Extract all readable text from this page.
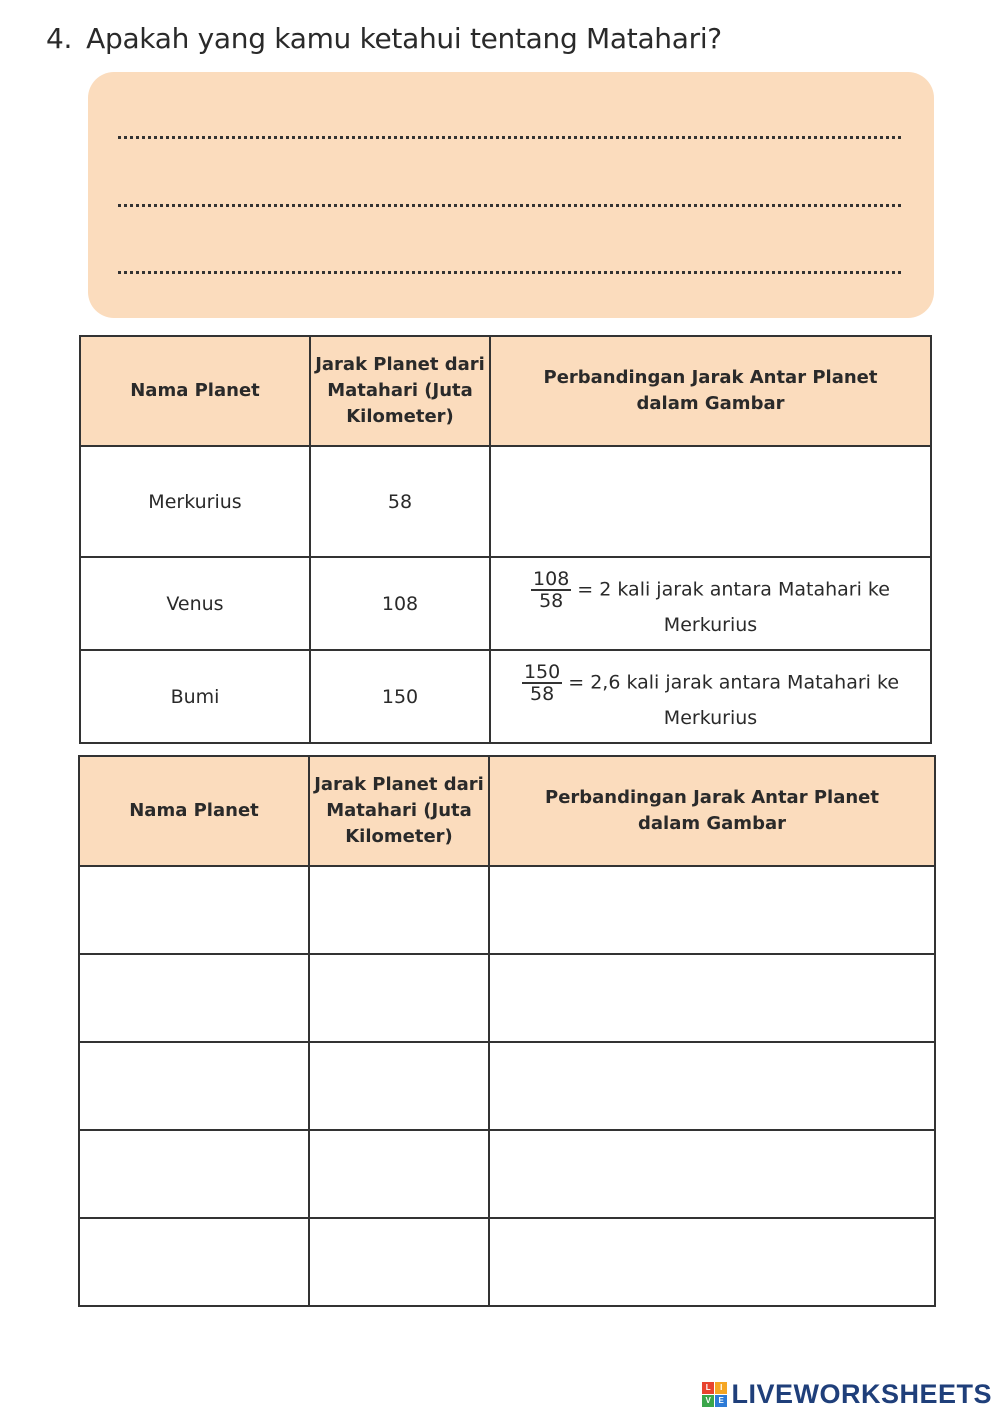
4. Apakah yang kamu ketahui tentang Matahari?
Nama Planet	Jarak Planet dari Matahari (Juta Kilometer)	Perbandingan Jarak Antar Planet dalam Gambar
Merkurius	58	
Venus	108	$\frac{108}{58} = 2$ kali jarak antara Matahari ke
Merkurius

Bumi	150	$\frac{150}{58} = 2,6$ kali jarak antara Matahari ke
Merkurius
Nama Planet	Jarak Planet dari Matahari (Juta Kilometer)	Perbandingan Jarak Antar Planet dalam Gambar

L	I
V E LIVEWORKSHEETS
